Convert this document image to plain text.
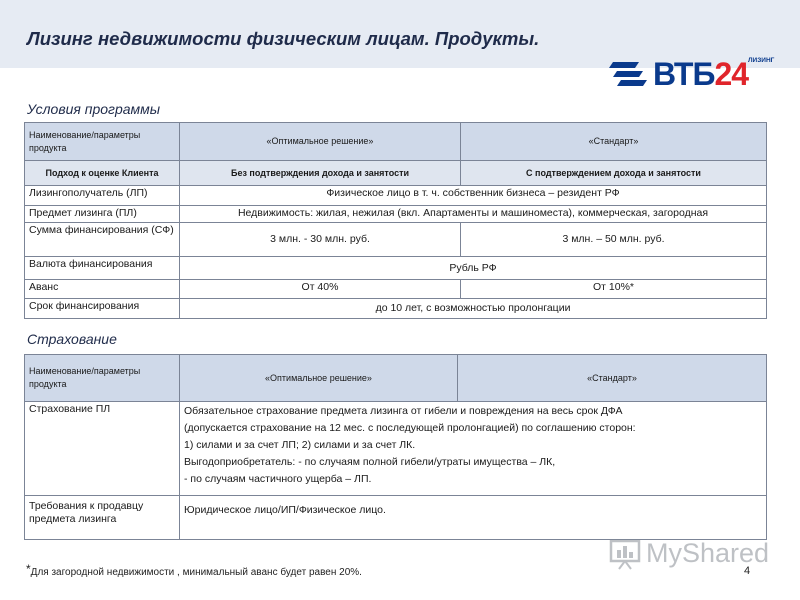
Лизинг недвижимости физическим лицам. Продукты.
ВТБ24 ЛИЗИНГ
Условия программы
Наименование/параметры продукта	«Оптимальное решение»	«Стандарт»
Подход к оценке Клиента	Без подтверждения дохода и занятости	С подтверждением дохода и занятости
Лизингополучатель (ЛП)	Физическое лицо в т. ч. собственник бизнеса – резидент РФ	
Предмет лизинга (ПЛ)	Недвижимость: жилая, нежилая (вкл. Апартаменты и машиноместа), коммерческая, загородная	
Сумма финансирования (СФ)	3 млн. - 30 млн. руб.	3 млн. – 50 млн. руб.
Валюта финансирования	Рубль РФ	
Аванс	От 40%	От 10%*
Срок финансирования	до 10 лет, с возможностью пролонгации	
Страхование
Наименование/параметры продукта	«Оптимальное решение»	«Стандарт»
Страхование ПЛ	Обязательное страхование предмета лизинга от гибели и повреждения на весь срок ДФА
(допускается страхование на 12 мес. с последующей пролонгацией) по соглашению сторон:
1) силами и за счет ЛП; 2) силами и за счет ЛК.
Выгодоприобретатель: - по случаям полной гибели/утраты имущества – ЛК,
- по случаям частичного ущерба – ЛП.	

Требования к продавцу предмета лизинга	Юридическое лицо/ИП/Физическое лицо.	
*Для загородной недвижимости , минимальный аванс будет равен 20%.
MyShared
4
